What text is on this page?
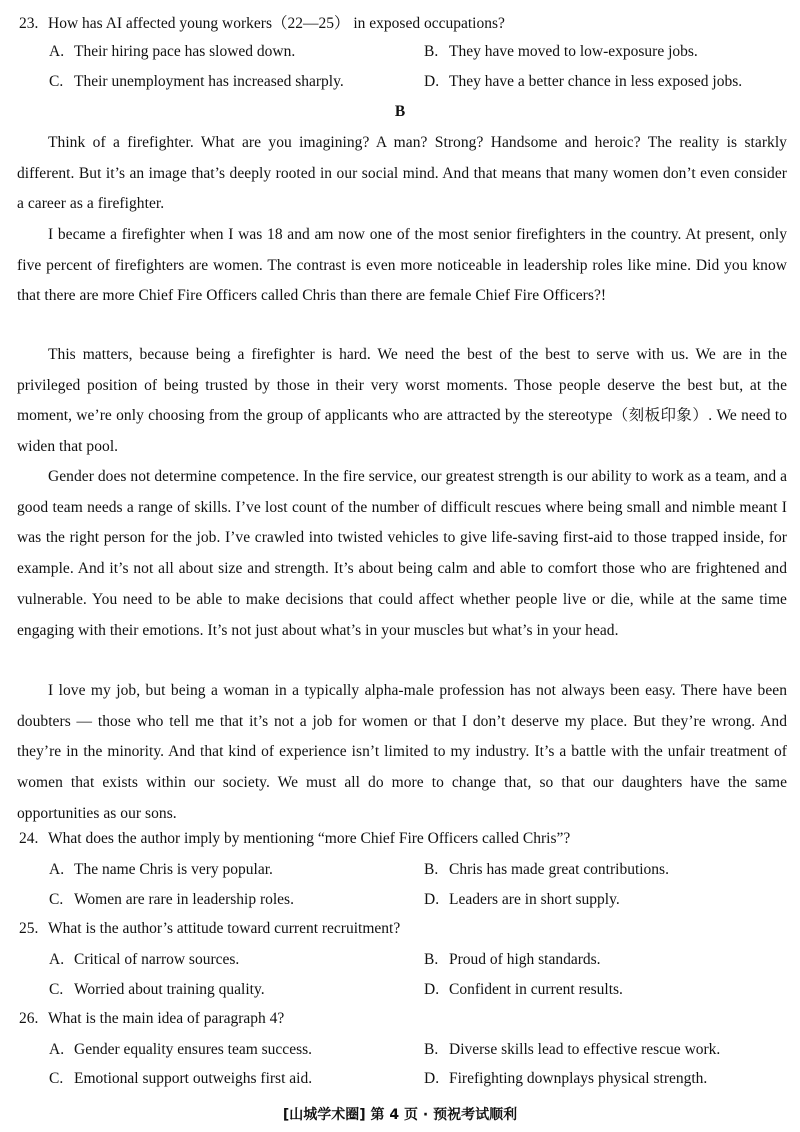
23. How has AI affected young workers（22—25） in exposed occupations?
A. Their hiring pace has slowed down.	B. They have moved to low-exposure jobs.
C. Their unemployment has increased sharply.	D. They have a better chance in less exposed jobs.
B
Think of a firefighter. What are you imagining? A man? Strong? Handsome and heroic? The reality is starkly different. But it’s an image that’s deeply rooted in our social mind. And that means that many women don’t even consider a career as a firefighter.
I became a firefighter when I was 18 and am now one of the most senior firefighters in the country. At present, only five percent of firefighters are women. The contrast is even more noticeable in leadership roles like mine. Did you know that there are more Chief Fire Officers called Chris than there are female Chief Fire Officers?!
This matters, because being a firefighter is hard. We need the best of the best to serve with us. We are in the privileged position of being trusted by those in their very worst moments. Those people deserve the best but, at the moment, we’re only choosing from the group of applicants who are attracted by the stereotype（刻板印象）. We need to widen that pool.
Gender does not determine competence. In the fire service, our greatest strength is our ability to work as a team, and a good team needs a range of skills. I’ve lost count of the number of difficult rescues where being small and nimble meant I was the right person for the job. I’ve crawled into twisted vehicles to give life-saving first-aid to those trapped inside, for example. And it’s not all about size and strength. It’s about being calm and able to comfort those who are frightened and vulnerable. You need to be able to make decisions that could affect whether people live or die, while at the same time engaging with their emotions. It’s not just about what’s in your muscles but what’s in your head.
I love my job, but being a woman in a typically alpha-male profession has not always been easy. There have been doubters — those who tell me that it’s not a job for women or that I don’t deserve my place. But they’re wrong. And they’re in the minority. And that kind of experience isn’t limited to my industry. It’s a battle with the unfair treatment of women that exists within our society. We must all do more to change that, so that our daughters have the same opportunities as our sons.
24. What does the author imply by mentioning “more Chief Fire Officers called Chris”?
A. The name Chris is very popular.	B. Chris has made great contributions.
C. Women are rare in leadership roles.	D. Leaders are in short supply.
25. What is the author’s attitude toward current recruitment?
A. Critical of narrow sources.	B. Proud of high standards.
C. Worried about training quality.	D. Confident in current results.
26. What is the main idea of paragraph 4?
A. Gender equality ensures team success.	B. Diverse skills lead to effective rescue work.
C. Emotional support outweighs first aid.	D. Firefighting downplays physical strength.
[山城学术圈] 第 4 页 · 预祝考试顺利
